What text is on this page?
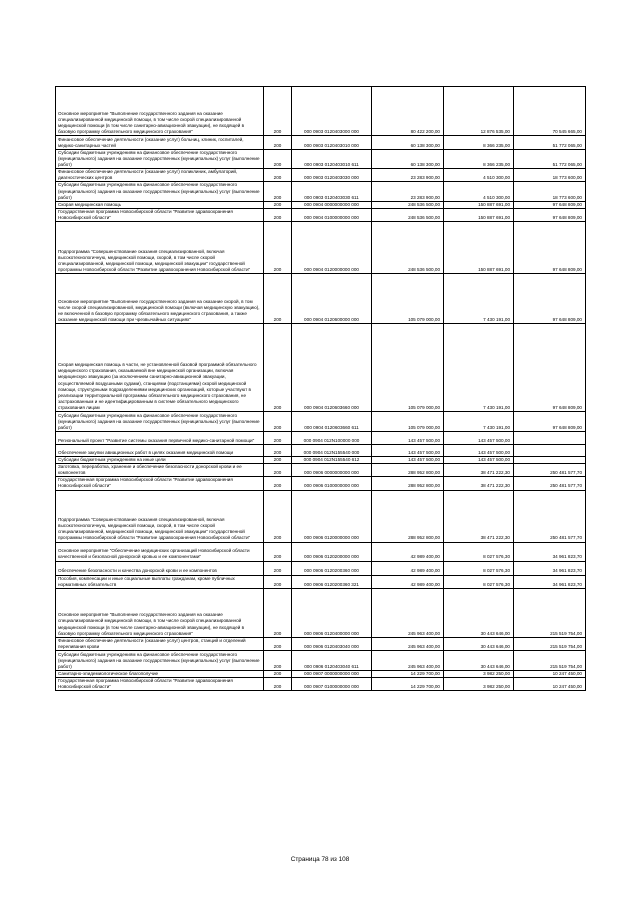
Основное мероприятие "Выполнение государственного задания на оказание специализированной медицинской помощи, в том числе скорой специализированной медицинской помощи (в том числе санитарно-авиационной эвакуации), не входящей в базовую программу обязательного медицинского страхования"	200	000 0903 0120403000 000	80 422 200,00	12 876 535,00	70 545 665,00
Финансовое обеспечение деятельности (оказание услуг) больниц, клиник, госпиталей, медико-санитарных частей	200	000 0903 0120403010 000	60 138 300,00	8 366 235,00	51 772 065,00
Субсидии бюджетным учреждениям на финансовое обеспечение государственного (муниципального) задания на оказание государственных (муниципальных) услуг (выполнение работ)	200	000 0903 0120403010 611	60 138 300,00	8 366 235,00	51 772 065,00
Финансовое обеспечение деятельности (оказание услуг) поликлиник, амбулаторий, диагностических центров	200	000 0903 0120403030 000	23 283 900,00	4 510 300,00	18 773 600,00
Субсидии бюджетным учреждениям на финансовое обеспечение государственного (муниципального) задания на оказание государственных (муниципальных) услуг (выполнение работ)	200	000 0903 0120403030 611	23 283 900,00	4 510 300,00	18 773 600,00
Скорая медицинская помощь	200	000 0904 0000000000 000	248 536 500,00	150 887 691,00	97 648 809,00
Государственная программа Новосибирской области "Развитие здравоохранения Новосибирской области"	200	000 0904 0100000000 000	248 536 500,00	150 887 691,00	97 648 809,00
Подпрограмма "Совершенствование оказания специализированной, включая высокотехнологичную, медицинской помощи, скорой, в том числе скорой специализированной, медицинской помощи, медицинской эвакуации" государственной программы Новосибирской области "Развитие здравоохранения Новосибирской области"	200	000 0904 0120000000 000	248 536 500,00	150 887 691,00	97 648 809,00
Основное мероприятие "Выполнение государственного задания на оказание скорой, в том числе скорой специализированной, медицинской помощи (включая медицинскую эвакуацию), не включенной в базовую программу обязательного медицинского страхования, а также оказание медицинской помощи при чрезвычайных ситуациях"	200	000 0904 0120600000 000	105 079 000,00	7 430 191,00	97 648 809,00
Скорая медицинская помощь в части, не установленной базовой программой обязательного медицинского страхования, оказываемой вне медицинской организации, включая медицинскую эвакуацию (за исключением санитарно-авиационной эвакуации, осуществляемой воздушными судами), станциями (подстанциями) скорой медицинской помощи, структурными подразделениями медицинских организаций, которые участвуют в реализации территориальной программы обязательного медицинского страхования, не застрахованным и не идентифицированным в системе обязательного медицинского страхования лицам	200	000 0904 0120603660 000	105 079 000,00	7 430 191,00	97 648 809,00
Субсидии бюджетным учреждениям на финансовое обеспечение государственного (муниципального) задания на оказание государственных (муниципальных) услуг (выполнение работ)	200	000 0904 0120603660 611	105 079 000,00	7 430 191,00	97 648 809,00
Региональный проект "Развитие системы оказания первичной медико-санитарной помощи"	200	000 0904 012N100000 000	143 457 500,00	143 457 500,00	
Обеспечение закупки авиационных работ в целях оказания медицинской помощи	200	000 0904 012N155540 000	143 457 500,00	143 457 500,00	
Субсидии бюджетным учреждениям на иные цели	200	000 0904 012N155540 612	143 457 500,00	143 457 500,00	
Заготовка, переработка, хранение и обеспечение безопасности донорской крови и ее компонентов	200	000 0906 0000000000 000	288 952 800,00	38 471 222,30	250 481 577,70
Государственная программа Новосибирской области "Развитие здравоохранения Новосибирской области"	200	000 0906 0100000000 000	288 952 800,00	38 471 222,30	250 481 577,70
Подпрограмма "Совершенствование оказания специализированной, включая высокотехнологичную, медицинской помощи, скорой, в том числе скорой специализированной, медицинской помощи, медицинской эвакуации" государственной программы Новосибирской области "Развитие здравоохранения Новосибирской области"	200	000 0906 0120000000 000	288 952 800,00	38 471 222,30	250 481 577,70
Основное мероприятие "Обеспечение медицинских организаций Новосибирской области качественной и безопасной донорской кровью и ее компонентами"	200	000 0906 0120200000 000	42 989 400,00	8 027 576,30	34 961 823,70
Обеспечение безопасности и качества донорской крови и ее компонентов	200	000 0906 0120200360 000	42 989 400,00	8 027 576,30	34 961 823,70
Пособия, компенсации и иные социальные выплаты гражданам, кроме публичных нормативных обязательств	200	000 0906 0120200360 321	42 989 400,00	8 027 576,30	34 961 823,70
Основное мероприятие "Выполнение государственного задания на оказание специализированной медицинской помощи, в том числе скорой специализированной медицинской помощи (в том числе санитарно-авиационной эвакуации), не входящей в базовую программу обязательного медицинского страхования"	200	000 0906 0120400000 000	245 963 400,00	30 443 646,00	215 519 754,00
Финансовое обеспечение деятельности (оказание услуг) центров, станций и отделений переливания крови	200	000 0906 0120403040 000	245 963 400,00	30 443 646,00	215 519 754,00
Субсидии бюджетным учреждениям на финансовое обеспечение государственного (муниципального) задания на оказание государственных (муниципальных) услуг (выполнение работ)	200	000 0906 0120403040 611	245 963 400,00	30 443 646,00	215 519 754,00
Санитарно-эпидемиологическое благополучие	200	000 0907 0000000000 000	14 229 700,00	3 982 250,00	10 247 450,00
Государственная программа Новосибирской области "Развитие здравоохранения Новосибирской области"	200	000 0907 0100000000 000	14 229 700,00	3 982 250,00	10 247 450,00
Страница 78 из 108
